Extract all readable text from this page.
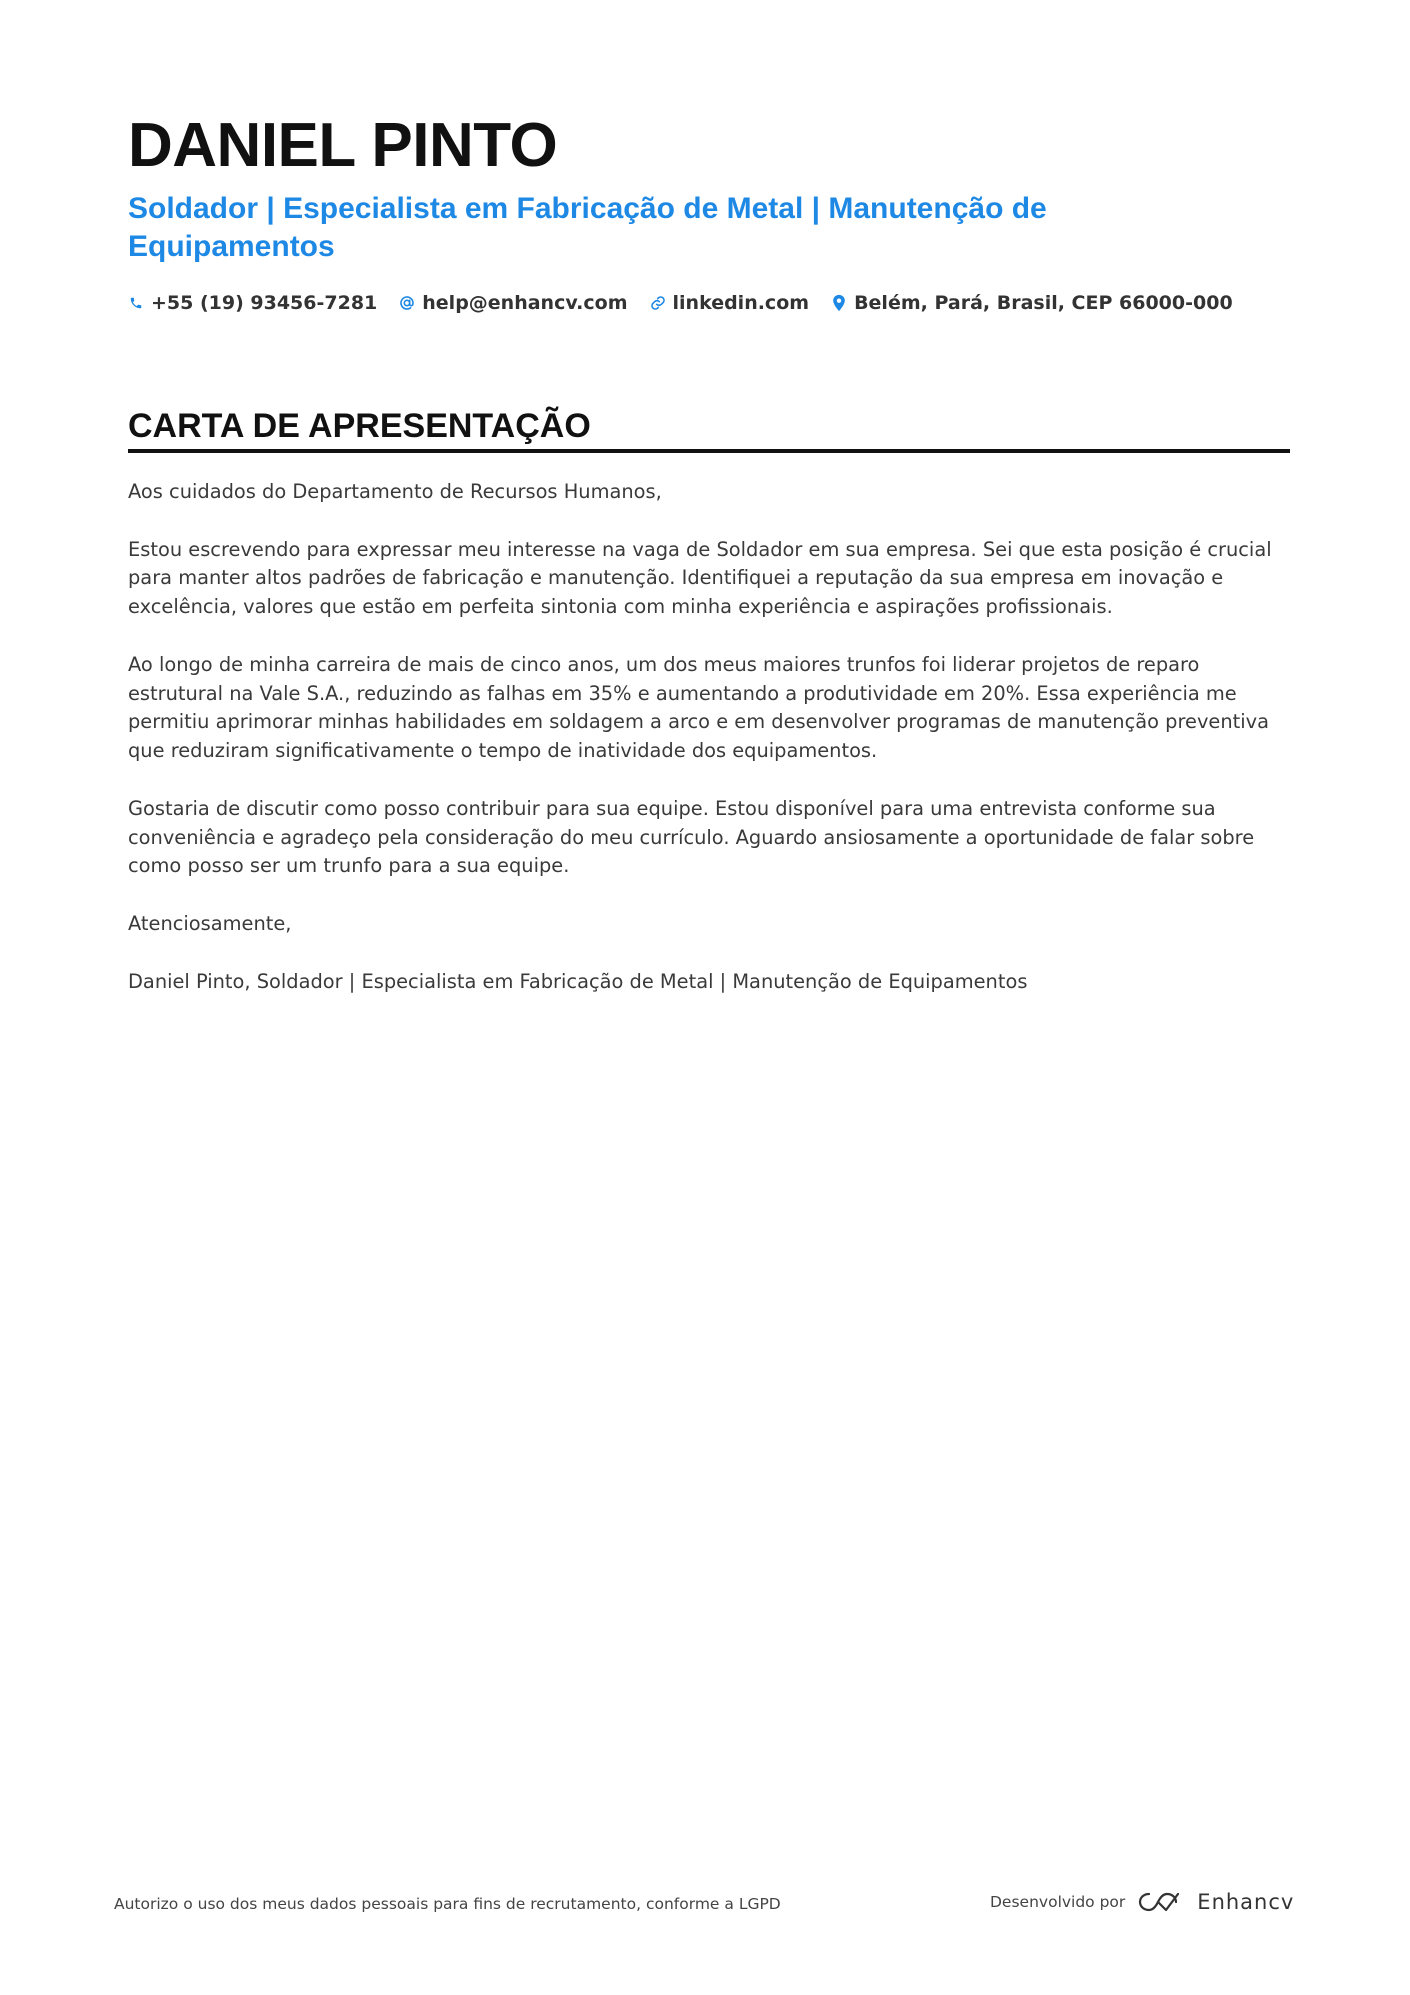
DANIEL PINTO
Soldador | Especialista em Fabricação de Metal | Manutenção de Equipamentos
+55 (19) 93456-7281 help@enhancv.com linkedin.com Belém, Pará, Brasil, CEP 66000-000
CARTA DE APRESENTAÇÃO

Aos cuidados do Departamento de Recursos Humanos,

Estou escrevendo para expressar meu interesse na vaga de Soldador em sua empresa. Sei que esta posição é crucial para manter altos padrões de fabricação e manutenção. Identifiquei a reputação da sua empresa em inovação e excelência, valores que estão em perfeita sintonia com minha experiência e aspirações profissionais.

Ao longo de minha carreira de mais de cinco anos, um dos meus maiores trunfos foi liderar projetos de reparo estrutural na Vale S.A., reduzindo as falhas em 35% e aumentando a produtividade em 20%. Essa experiência me permitiu aprimorar minhas habilidades em soldagem a arco e em desenvolver programas de manutenção preventiva que reduziram significativamente o tempo de inatividade dos equipamentos.

Gostaria de discutir como posso contribuir para sua equipe. Estou disponível para uma entrevista conforme sua conveniência e agradeço pela consideração do meu currículo. Aguardo ansiosamente a oportunidade de falar sobre como posso ser um trunfo para a sua equipe.

Atenciosamente,

Daniel Pinto, Soldador | Especialista em Fabricação de Metal | Manutenção de Equipamentos

Autorizo o uso dos meus dados pessoais para fins de recrutamento, conforme a LGPD	Desenvolvido por	Enhancv
